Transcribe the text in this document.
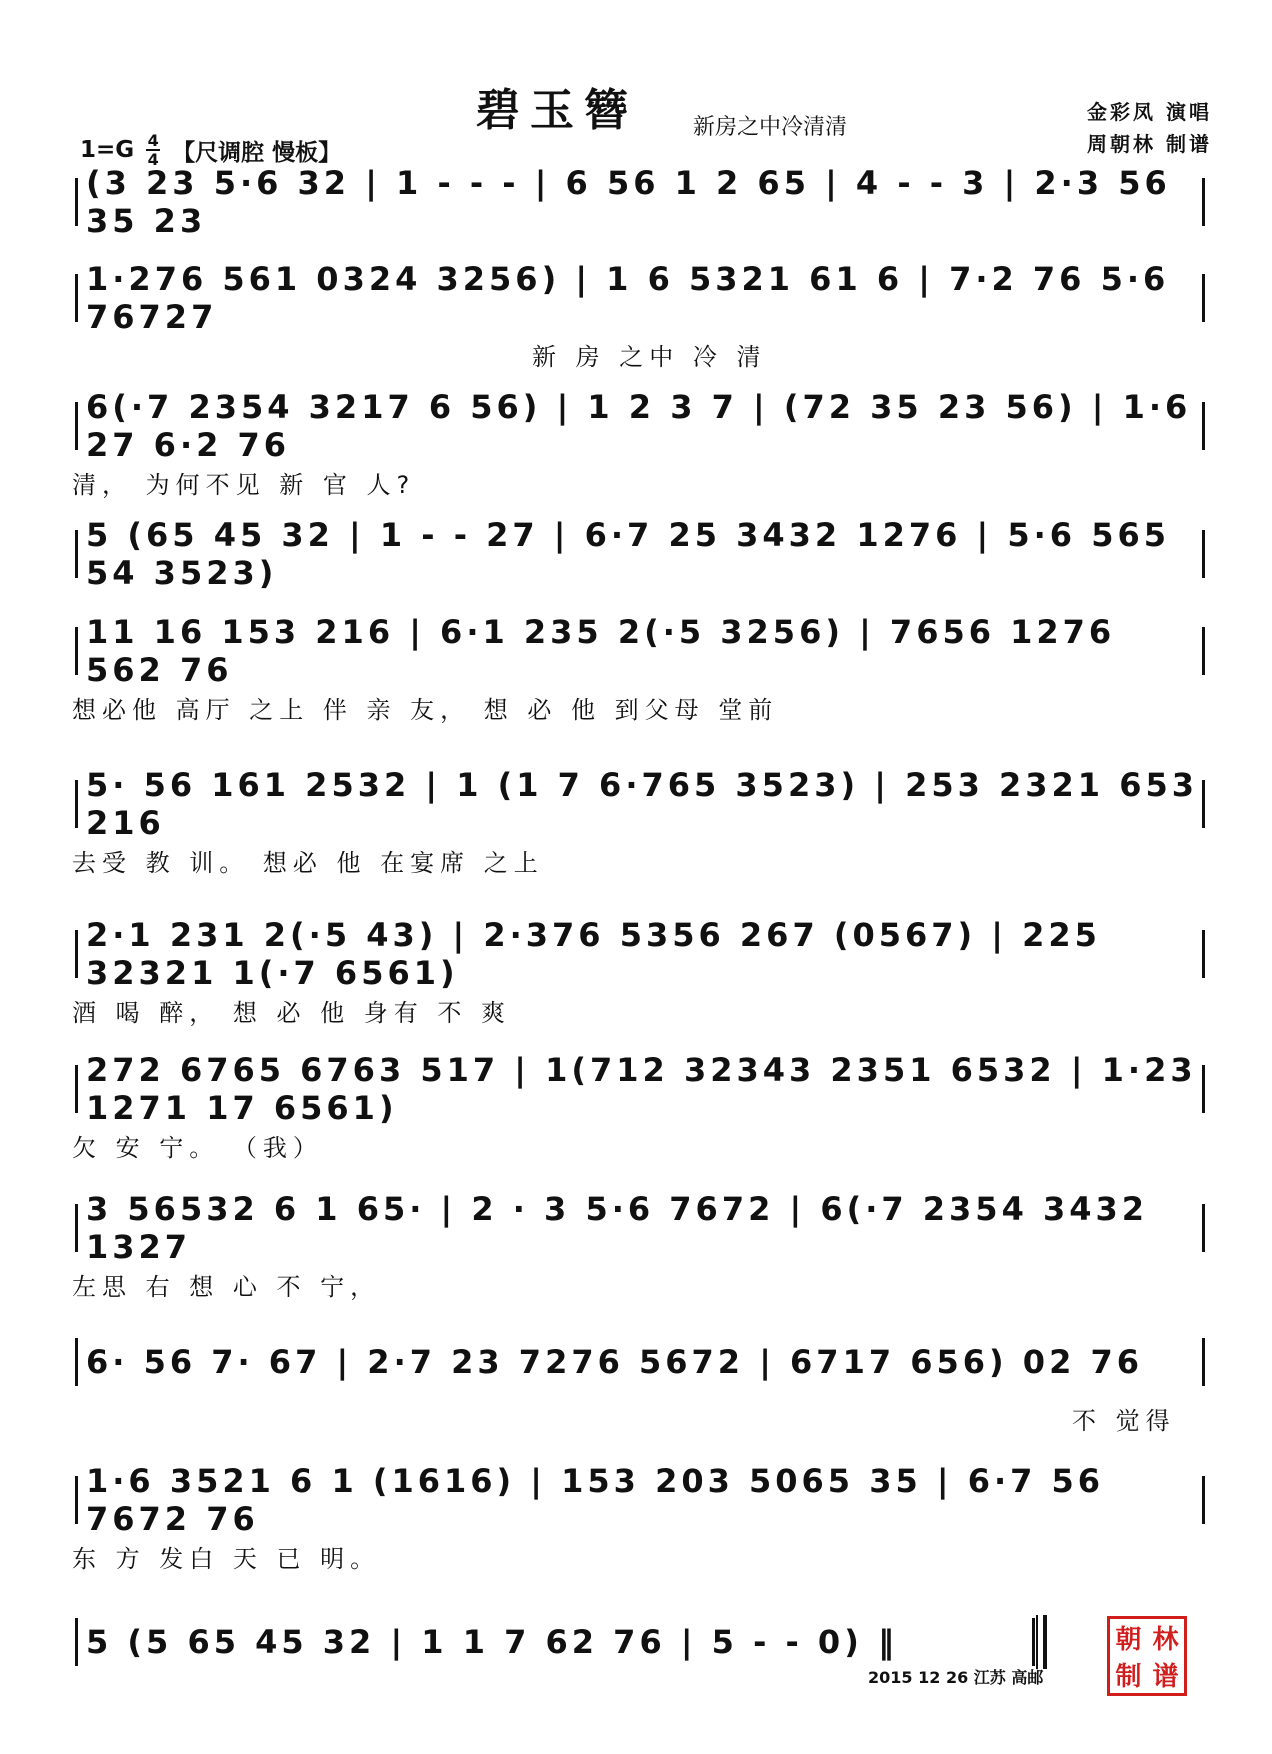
碧玉簪	新房之中冷清清
金彩凤 演唱
周朝林 制谱
1=G 4
4 【尺调腔 慢板】
(3 23 5·6 32 | 1 - - - | 6 56 1 2 65 | 4 - - 3 | 2·3 56 35 23
1·276 561 0324 3256) | 1 6 5321 61 6 | 7·2 76 5·6 76727
新 房 之中 冷 清
6(·7 2354 3217 6 56) | 1 2 3 7 | (72 35 23 56) | 1·6 27 6·2 76
清， 为何不见 新 官 人?
5 (65 45 32 | 1 - - 27 | 6·7 25 3432 1276 | 5·6 565 54 3523)
11 16 153 216 | 6·1 235 2(·5 3256) | 7656 1276 562 76
想必他 高厅 之上 伴 亲 友， 想 必 他 到父母 堂前
5· 56 161 2532 | 1 (1 7 6·765 3523) | 253 2321 653 216
去受 教 训。 想必 他 在宴席 之上
2·1 231 2(·5 43) | 2·376 5356 267 (0567) | 225 32321 1(·7 6561)
酒 喝 醉， 想 必 他 身有 不 爽
272 6765 6763 517 | 1(712 32343 2351 6532 | 1·23 1271 17 6561)
欠 安 宁。 （我）
3 56532 6 1 65· | 2 · 3 5·6 7672 | 6(·7 2354 3432 1327
左思 右 想 心 不 宁，
6· 56 7· 67 | 2·7 23 7276 5672 | 6717 656) 02 76
不 觉得
1·6 3521 6 1 (1616) | 153 203 5065 35 | 6·7 56 7672 76
东 方 发白 天 已 明。
5 (5 65 45 32 | 1 1 7 62 76 | 5 - - 0) ‖
2015 12 26 江苏 高邮
朝 林
制 谱
